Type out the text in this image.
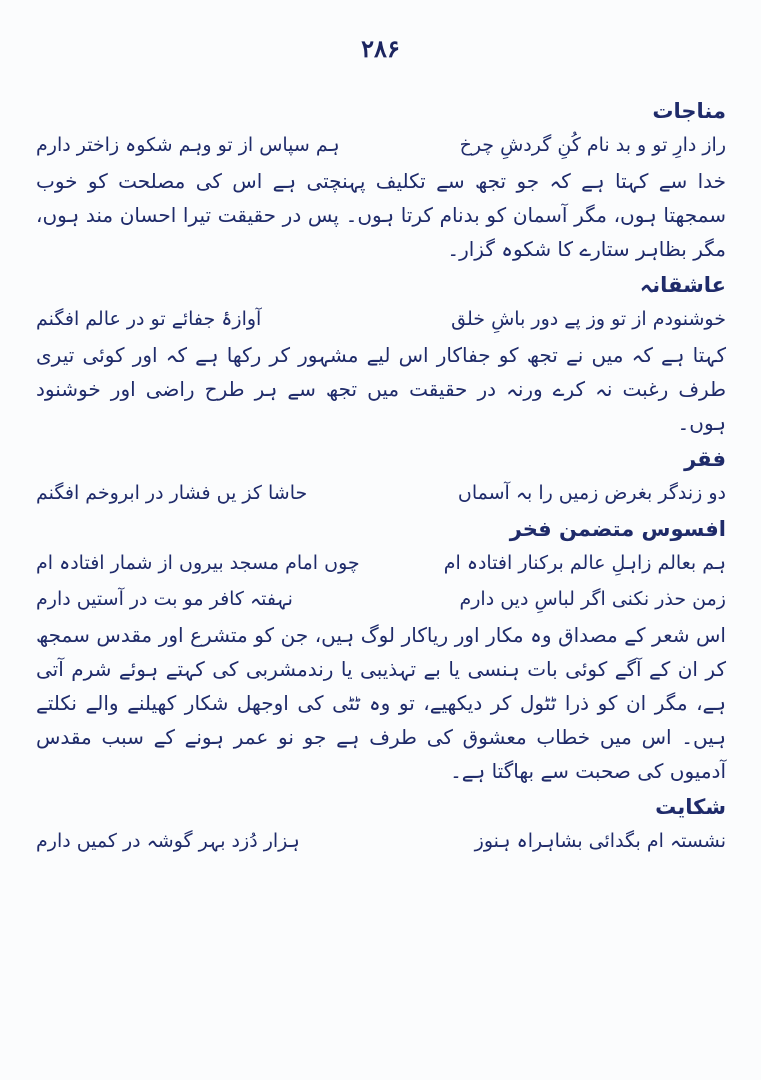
۲۸۶
مناجات
راز دارِ تو و بد نام کُنِ گردشِ چرخ
ہم سپاس از تو وہم شکوہ زاختر دارم

خدا سے کہتا ہے کہ جو تجھ سے تکلیف پہنچتی ہے اس کی مصلحت کو خوب سمجھتا ہوں، مگر آسمان کو بدنام کرتا ہوں۔ پس در حقیقت تیرا احسان مند ہوں، مگر بظاہر ستارے کا شکوہ گزار۔

عاشقانہ
خوشنودم از تو وز پے دور باشِ خلق
آوازۂ جفائے تو در عالم افگنم

کہتا ہے کہ میں نے تجھ کو جفاکار اس لیے مشہور کر رکھا ہے کہ اور کوئی تیری طرف رغبت نہ کرے ورنہ در حقیقت میں تجھ سے ہر طرح راضی اور خوشنود ہوں۔

فقر
دو زندگر بغرض زمیں را بہ آسماں
حاشا کز یں فشار در ابروخم افگنم
افسوس متضمن فخر
ہم بعالم زاہلِ عالم برکنار افتادہ ام
چوں امام مسجد بیروں از شمار افتادہ ام
زمن حذر نکنی اگر لباسِ دیں دارم
نہفتہ کافر مو بت در آستیں دارم

اس شعر کے مصداق وہ مکار اور ریاکار لوگ ہیں، جن کو متشرع اور مقدس سمجھ کر ان کے آگے کوئی بات ہنسی یا بے تہذیبی یا رندمشربی کی کہتے ہوئے شرم آتی ہے، مگر ان کو ذرا ٹٹول کر دیکھیے، تو وہ ٹٹی کی اوجھل شکار کھیلنے والے نکلتے ہیں۔ اس میں خطاب معشوق کی طرف ہے جو نو عمر ہونے کے سبب مقدس آدمیوں کی صحبت سے بھاگتا ہے۔

شکایت
نشستہ ام بگدائی بشاہراہ ہنوز
ہزار دُزد بہر گوشہ در کمیں دارم
